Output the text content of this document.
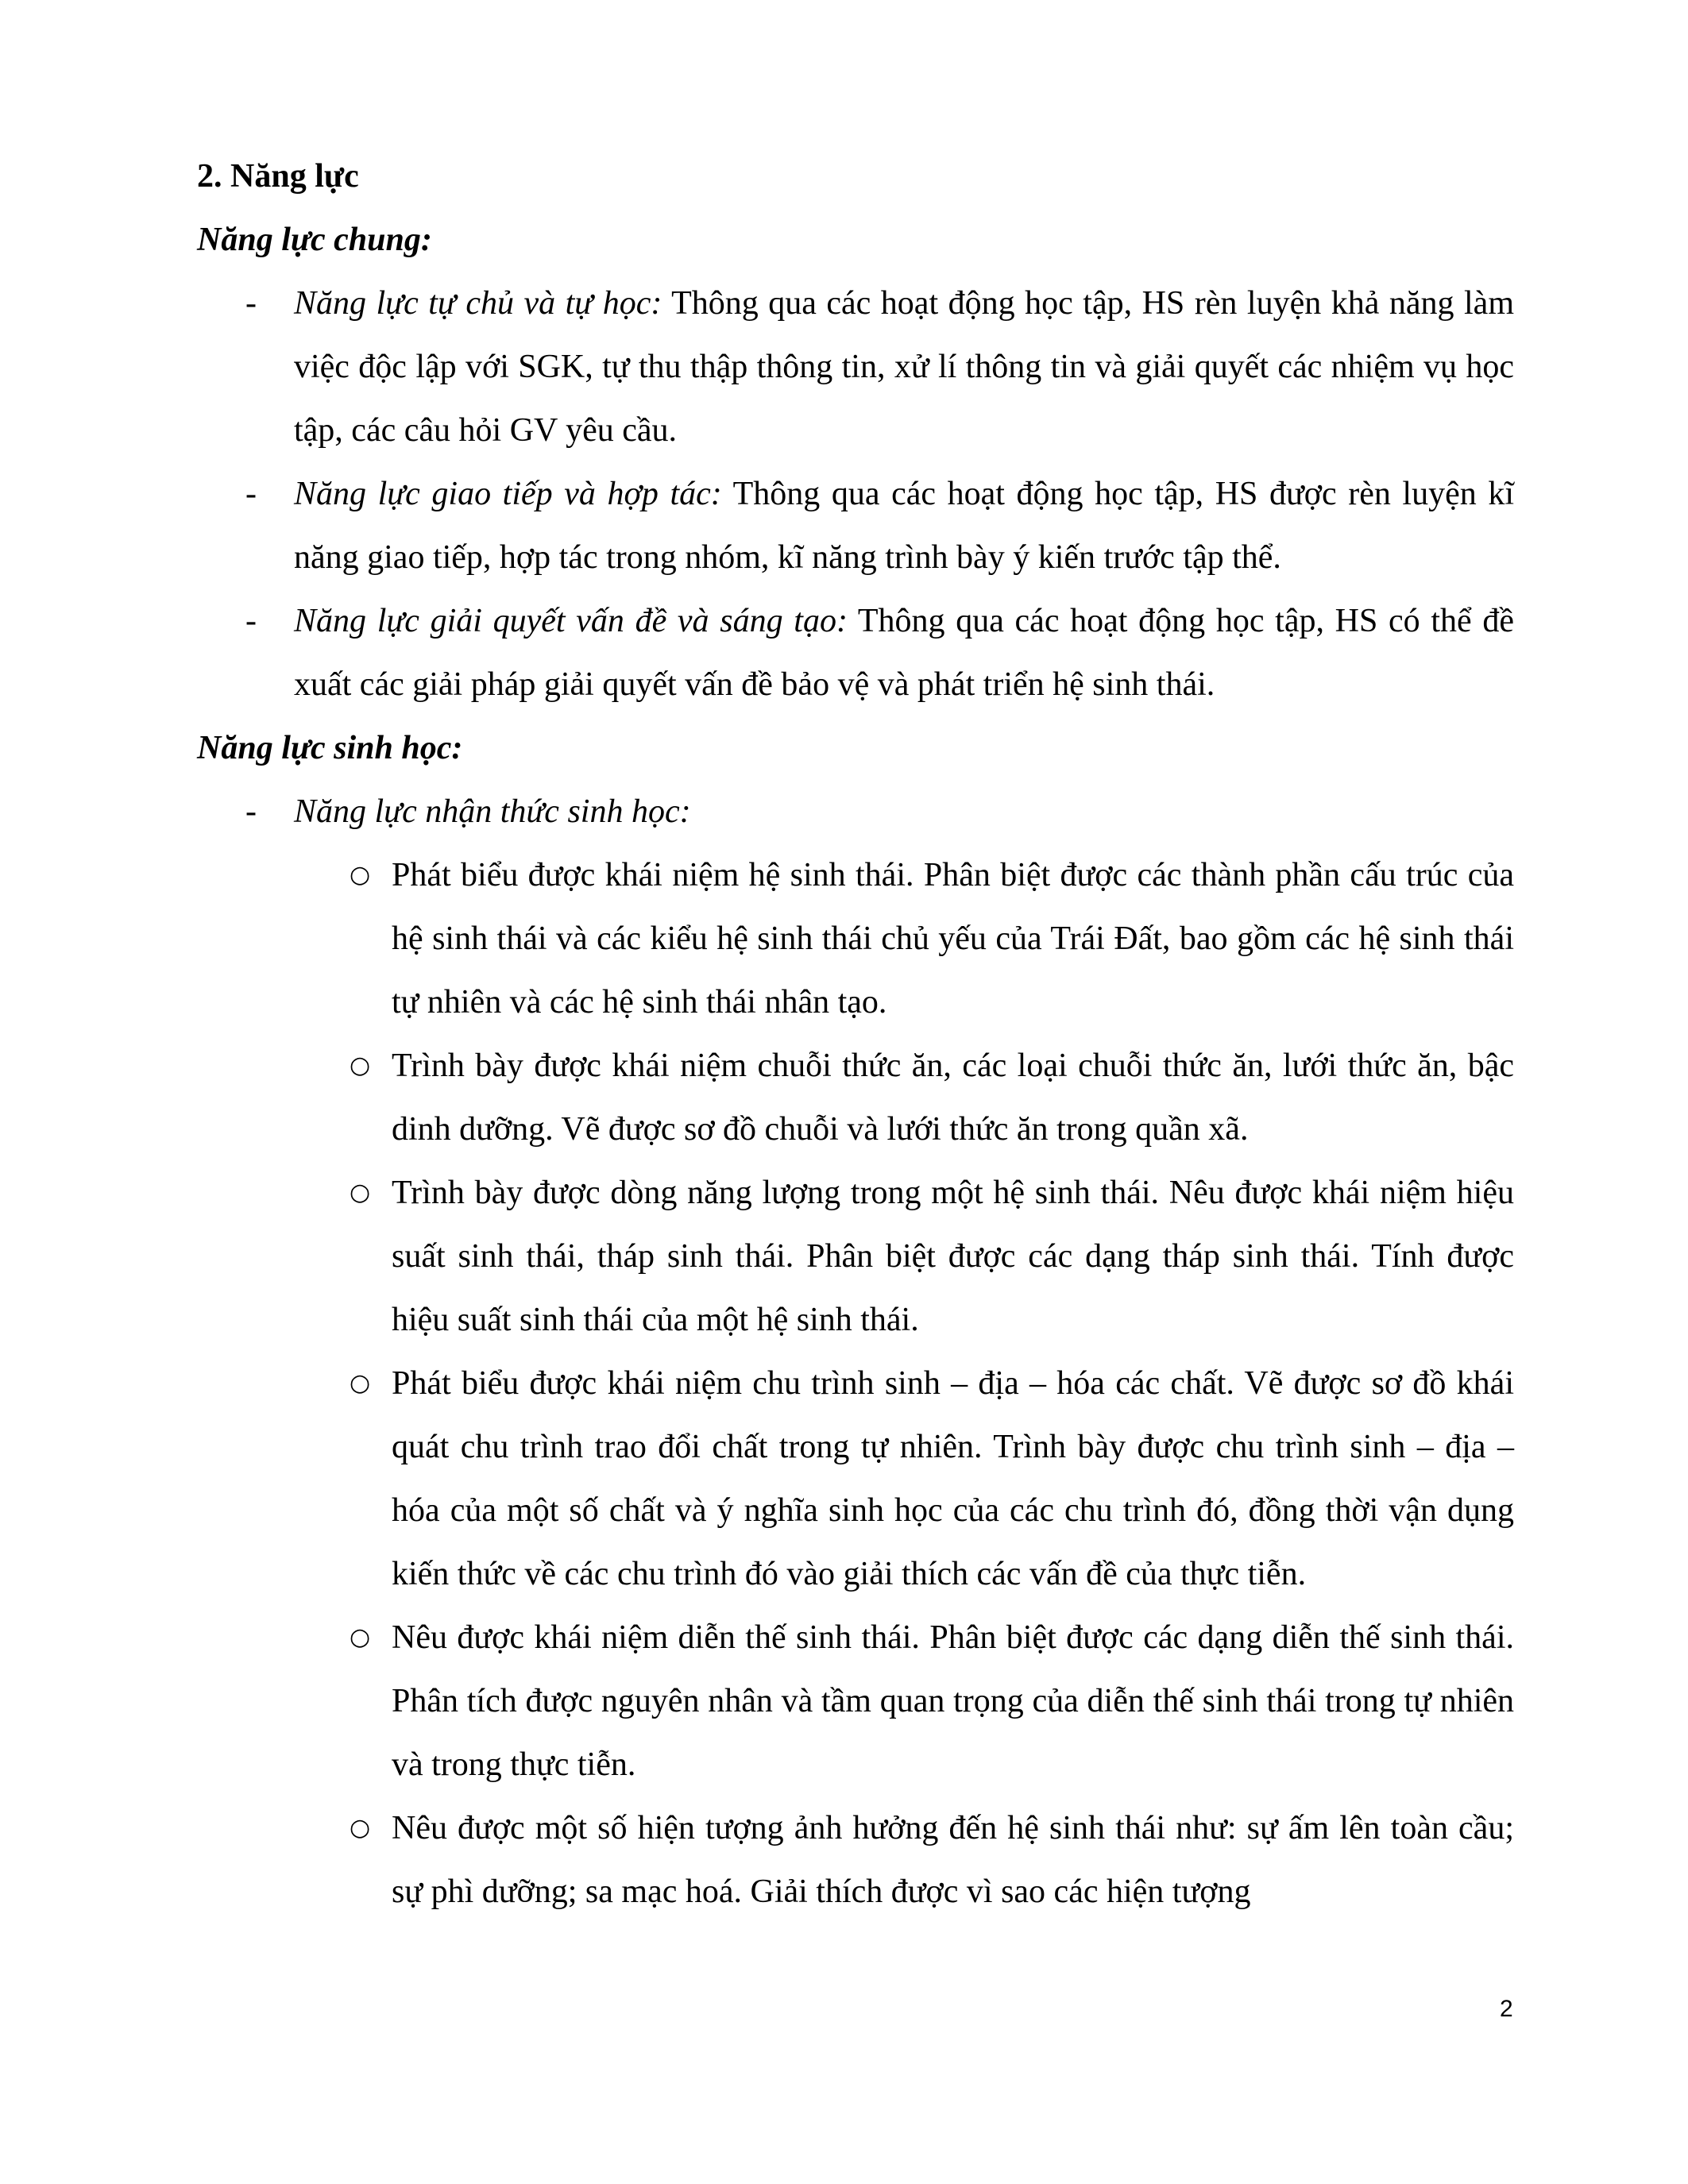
2. Năng lực
Năng lực chung:
- Năng lực tự chủ và tự học: Thông qua các hoạt động học tập, HS rèn luyện khả năng làm việc độc lập với SGK, tự thu thập thông tin, xử lí thông tin và giải quyết các nhiệm vụ học tập, các câu hỏi GV yêu cầu.
- Năng lực giao tiếp và hợp tác: Thông qua các hoạt động học tập, HS được rèn luyện kĩ năng giao tiếp, hợp tác trong nhóm, kĩ năng trình bày ý kiến trước tập thể.
- Năng lực giải quyết vấn đề và sáng tạo: Thông qua các hoạt động học tập, HS có thể đề xuất các giải pháp giải quyết vấn đề bảo vệ và phát triển hệ sinh thái.
Năng lực sinh học:
- Năng lực nhận thức sinh học:
○ Phát biểu được khái niệm hệ sinh thái. Phân biệt được các thành phần cấu trúc của hệ sinh thái và các kiểu hệ sinh thái chủ yếu của Trái Đất, bao gồm các hệ sinh thái tự nhiên và các hệ sinh thái nhân tạo.
○ Trình bày được khái niệm chuỗi thức ăn, các loại chuỗi thức ăn, lưới thức ăn, bậc dinh dưỡng. Vẽ được sơ đồ chuỗi và lưới thức ăn trong quần xã.
○ Trình bày được dòng năng lượng trong một hệ sinh thái. Nêu được khái niệm hiệu suất sinh thái, tháp sinh thái. Phân biệt được các dạng tháp sinh thái. Tính được hiệu suất sinh thái của một hệ sinh thái.
○ Phát biểu được khái niệm chu trình sinh – địa – hóa các chất. Vẽ được sơ đồ khái quát chu trình trao đổi chất trong tự nhiên. Trình bày được chu trình sinh – địa – hóa của một số chất và ý nghĩa sinh học của các chu trình đó, đồng thời vận dụng kiến thức về các chu trình đó vào giải thích các vấn đề của thực tiễn.
○ Nêu được khái niệm diễn thế sinh thái. Phân biệt được các dạng diễn thế sinh thái. Phân tích được nguyên nhân và tầm quan trọng của diễn thế sinh thái trong tự nhiên và trong thực tiễn.
○ Nêu được một số hiện tượng ảnh hưởng đến hệ sinh thái như: sự ấm lên toàn cầu; sự phì dưỡng; sa mạc hoá. Giải thích được vì sao các hiện tượng
2
